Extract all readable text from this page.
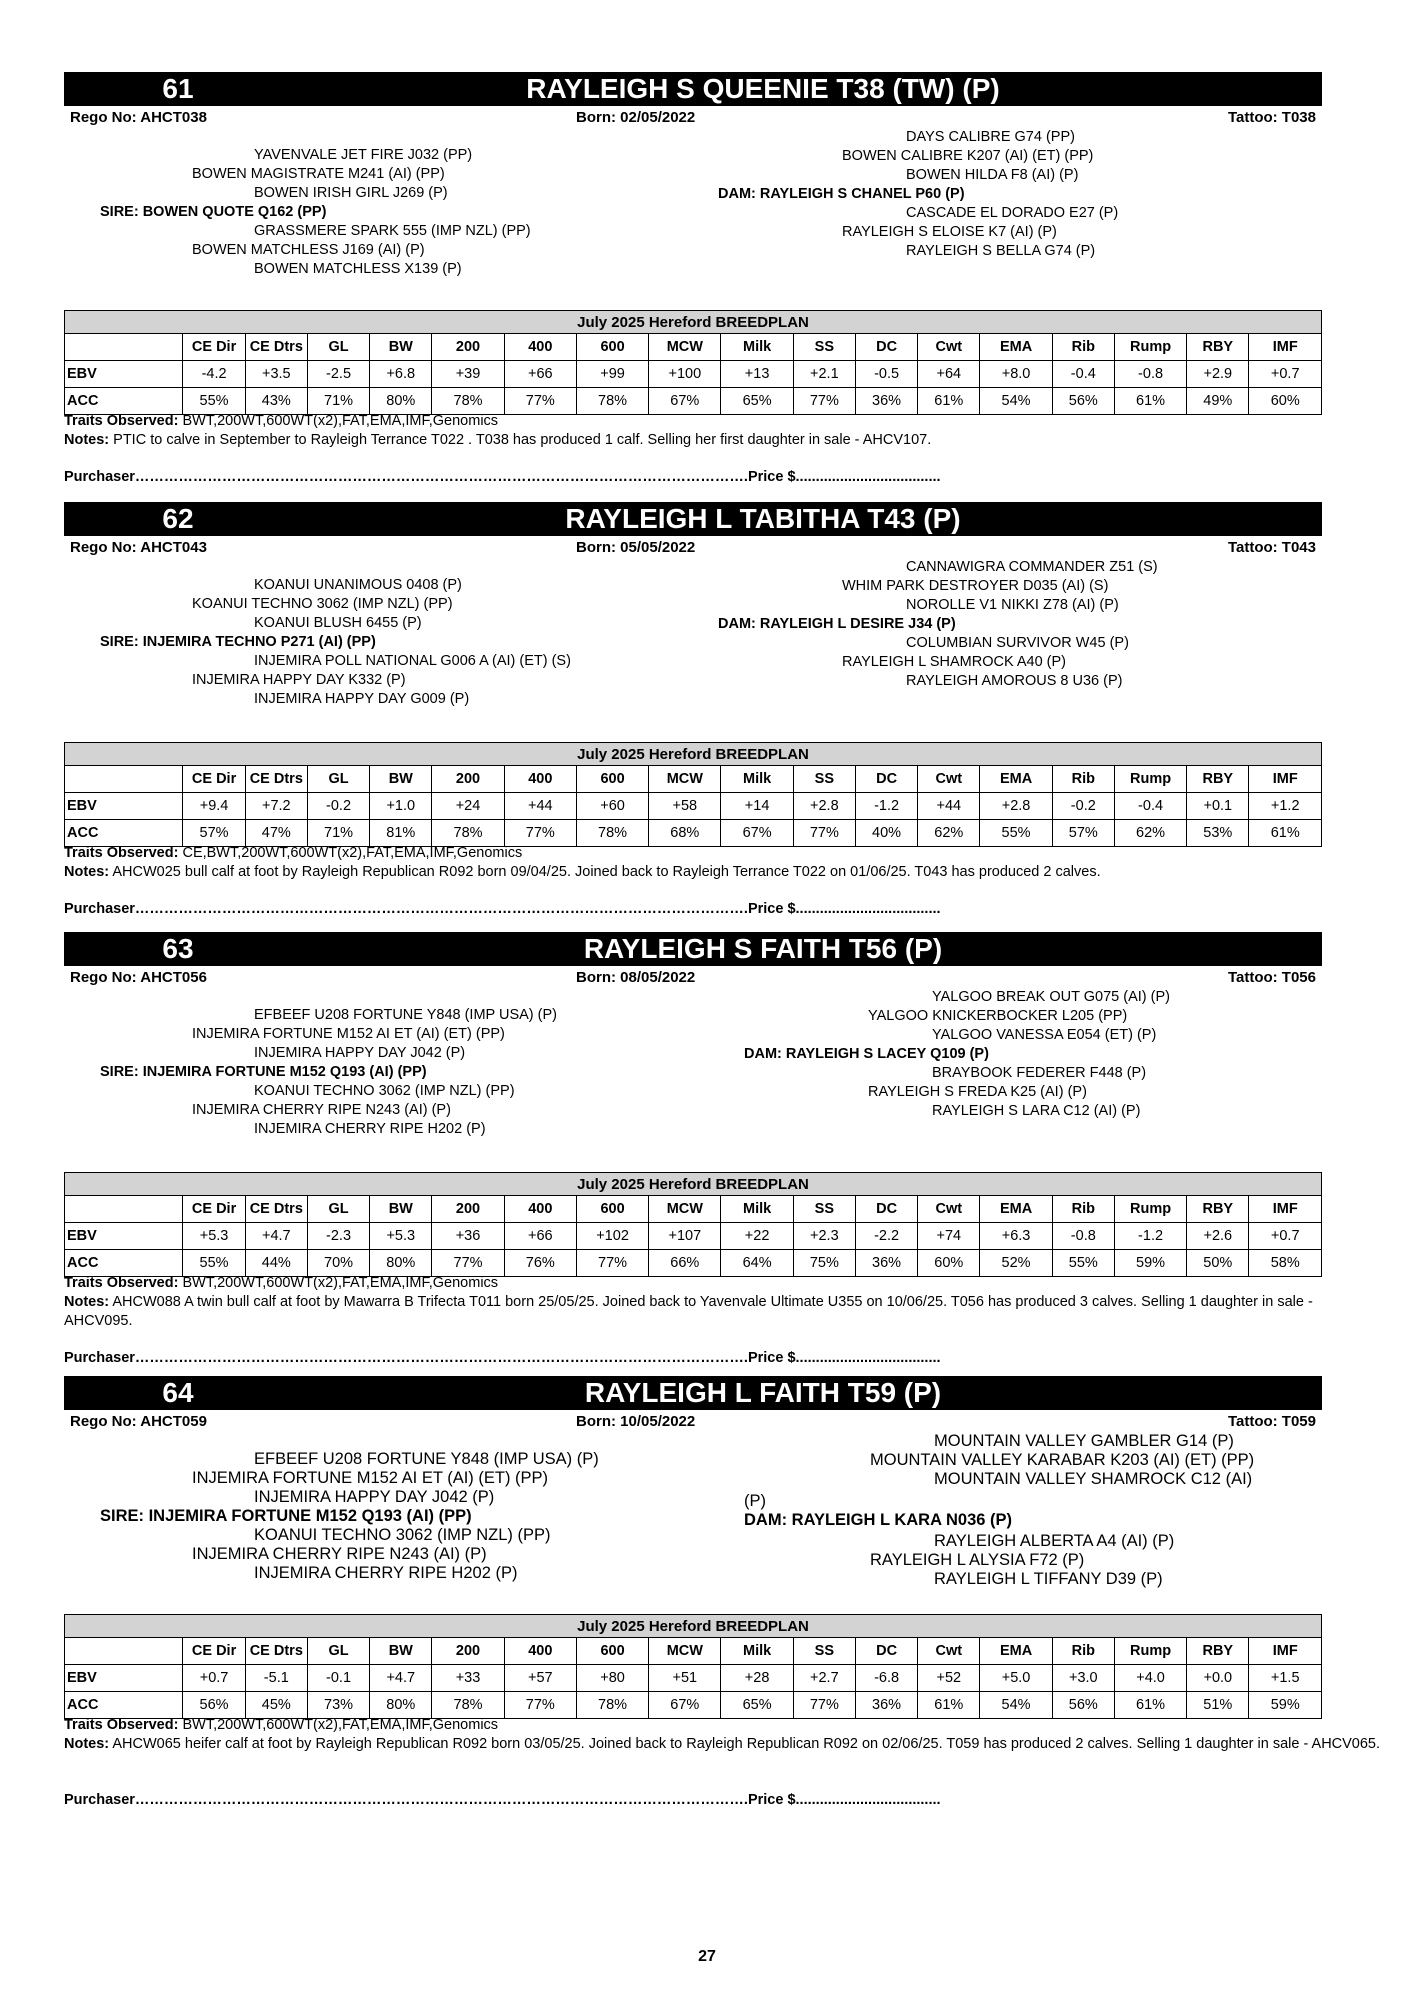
61	RAYLEIGH S QUEENIE T38 (TW) (P)
Rego No: AHCT038	Born: 02/05/2022	Tattoo: T038
YAVENVALE JET FIRE J032 (PP)
BOWEN MAGISTRATE M241 (AI) (PP)
BOWEN IRISH GIRL J269 (P)
SIRE: BOWEN QUOTE Q162 (PP)
GRASSMERE SPARK 555 (IMP NZL) (PP)
BOWEN MATCHLESS J169 (AI) (P)
BOWEN MATCHLESS X139 (P)
DAYS CALIBRE G74 (PP)
BOWEN CALIBRE K207 (AI) (ET) (PP)
BOWEN HILDA F8 (AI) (P)
DAM: RAYLEIGH S CHANEL P60 (P)
CASCADE EL DORADO E27 (P)
RAYLEIGH S ELOISE K7 (AI) (P)
RAYLEIGH S BELLA G74 (P)
July 2025 Hereford BREEDPLAN																	
	CE Dir	CE Dtrs	GL	BW	200	400	600	MCW	Milk	SS	DC	Cwt	EMA	Rib	Rump	RBY	IMF
EBV	-4.2	+3.5	-2.5	+6.8	+39	+66	+99	+100	+13	+2.1	-0.5	+64	+8.0	-0.4	-0.8	+2.9	+0.7
ACC	55%	43%	71%	80%	78%	77%	78%	67%	65%	77%	36%	61%	54%	56%	61%	49%	60%
Traits Observed: BWT,200WT,600WT(x2),FAT,EMA,IMF,Genomics
Notes: PTIC to calve in September to Rayleigh Terrance T022 . T038 has produced 1 calf. Selling her first daughter in sale - AHCV107.
Purchaser……………………………………………………………………………………………………………….Price $....................................
62	RAYLEIGH L TABITHA T43 (P)
Rego No: AHCT043	Born: 05/05/2022	Tattoo: T043
KOANUI UNANIMOUS 0408 (P)
KOANUI TECHNO 3062 (IMP NZL) (PP)
KOANUI BLUSH 6455 (P)
SIRE: INJEMIRA TECHNO P271 (AI) (PP)
INJEMIRA POLL NATIONAL G006 A (AI) (ET) (S)
INJEMIRA HAPPY DAY K332 (P)
INJEMIRA HAPPY DAY G009 (P)
CANNAWIGRA COMMANDER Z51 (S)
WHIM PARK DESTROYER D035 (AI) (S)
NOROLLE V1 NIKKI Z78 (AI) (P)
DAM: RAYLEIGH L DESIRE J34 (P)
COLUMBIAN SURVIVOR W45 (P)
RAYLEIGH L SHAMROCK A40 (P)
RAYLEIGH AMOROUS 8 U36 (P)
July 2025 Hereford BREEDPLAN																	
	CE Dir	CE Dtrs	GL	BW	200	400	600	MCW	Milk	SS	DC	Cwt	EMA	Rib	Rump	RBY	IMF
EBV	+9.4	+7.2	-0.2	+1.0	+24	+44	+60	+58	+14	+2.8	-1.2	+44	+2.8	-0.2	-0.4	+0.1	+1.2
ACC	57%	47%	71%	81%	78%	77%	78%	68%	67%	77%	40%	62%	55%	57%	62%	53%	61%
Traits Observed: CE,BWT,200WT,600WT(x2),FAT,EMA,IMF,Genomics
Notes: AHCW025 bull calf at foot by Rayleigh Republican R092 born 09/04/25. Joined back to Rayleigh Terrance T022 on 01/06/25. T043 has produced 2 calves.
Purchaser……………………………………………………………………………………………………………….Price $....................................
63	RAYLEIGH S FAITH T56 (P)
Rego No: AHCT056	Born: 08/05/2022	Tattoo: T056
EFBEEF U208 FORTUNE Y848 (IMP USA) (P)
INJEMIRA FORTUNE M152 AI ET (AI) (ET) (PP)
INJEMIRA HAPPY DAY J042 (P)
SIRE: INJEMIRA FORTUNE M152 Q193 (AI) (PP)
KOANUI TECHNO 3062 (IMP NZL) (PP)
INJEMIRA CHERRY RIPE N243 (AI) (P)
INJEMIRA CHERRY RIPE H202 (P)
YALGOO BREAK OUT G075 (AI) (P)
YALGOO KNICKERBOCKER L205 (PP)
YALGOO VANESSA E054 (ET) (P)
DAM: RAYLEIGH S LACEY Q109 (P)
BRAYBOOK FEDERER F448 (P)
RAYLEIGH S FREDA K25 (AI) (P)
RAYLEIGH S LARA C12 (AI) (P)
July 2025 Hereford BREEDPLAN																	
	CE Dir	CE Dtrs	GL	BW	200	400	600	MCW	Milk	SS	DC	Cwt	EMA	Rib	Rump	RBY	IMF
EBV	+5.3	+4.7	-2.3	+5.3	+36	+66	+102	+107	+22	+2.3	-2.2	+74	+6.3	-0.8	-1.2	+2.6	+0.7
ACC	55%	44%	70%	80%	77%	76%	77%	66%	64%	75%	36%	60%	52%	55%	59%	50%	58%
Traits Observed: BWT,200WT,600WT(x2),FAT,EMA,IMF,Genomics
Notes: AHCW088 A twin bull calf at foot by Mawarra B Trifecta T011 born 25/05/25. Joined back to Yavenvale Ultimate U355 on 10/06/25. T056 has produced 3 calves. Selling 1 daughter in sale - AHCV095.
Purchaser……………………………………………………………………………………………………………….Price $....................................
64	RAYLEIGH L FAITH T59 (P)
Rego No: AHCT059	Born: 10/05/2022	Tattoo: T059
EFBEEF U208 FORTUNE Y848 (IMP USA) (P)
INJEMIRA FORTUNE M152 AI ET (AI) (ET) (PP)
INJEMIRA HAPPY DAY J042 (P)
SIRE: INJEMIRA FORTUNE M152 Q193 (AI) (PP)
KOANUI TECHNO 3062 (IMP NZL) (PP)
INJEMIRA CHERRY RIPE N243 (AI) (P)
INJEMIRA CHERRY RIPE H202 (P)
MOUNTAIN VALLEY GAMBLER G14 (P)
MOUNTAIN VALLEY KARABAR K203 (AI) (ET) (PP)
MOUNTAIN VALLEY SHAMROCK C12 (AI)
(P)
DAM: RAYLEIGH L KARA N036 (P)
RAYLEIGH ALBERTA A4 (AI) (P)
RAYLEIGH L ALYSIA F72 (P)
RAYLEIGH L TIFFANY D39 (P)
July 2025 Hereford BREEDPLAN																	
	CE Dir	CE Dtrs	GL	BW	200	400	600	MCW	Milk	SS	DC	Cwt	EMA	Rib	Rump	RBY	IMF
EBV	+0.7	-5.1	-0.1	+4.7	+33	+57	+80	+51	+28	+2.7	-6.8	+52	+5.0	+3.0	+4.0	+0.0	+1.5
ACC	56%	45%	73%	80%	78%	77%	78%	67%	65%	77%	36%	61%	54%	56%	61%	51%	59%
Traits Observed: BWT,200WT,600WT(x2),FAT,EMA,IMF,Genomics
Notes: AHCW065 heifer calf at foot by Rayleigh Republican R092 born 03/05/25. Joined back to Rayleigh Republican R092 on 02/06/25. T059 has produced 2 calves. Selling 1 daughter in sale - AHCV065.
Purchaser……………………………………………………………………………………………………………….Price $....................................
27
